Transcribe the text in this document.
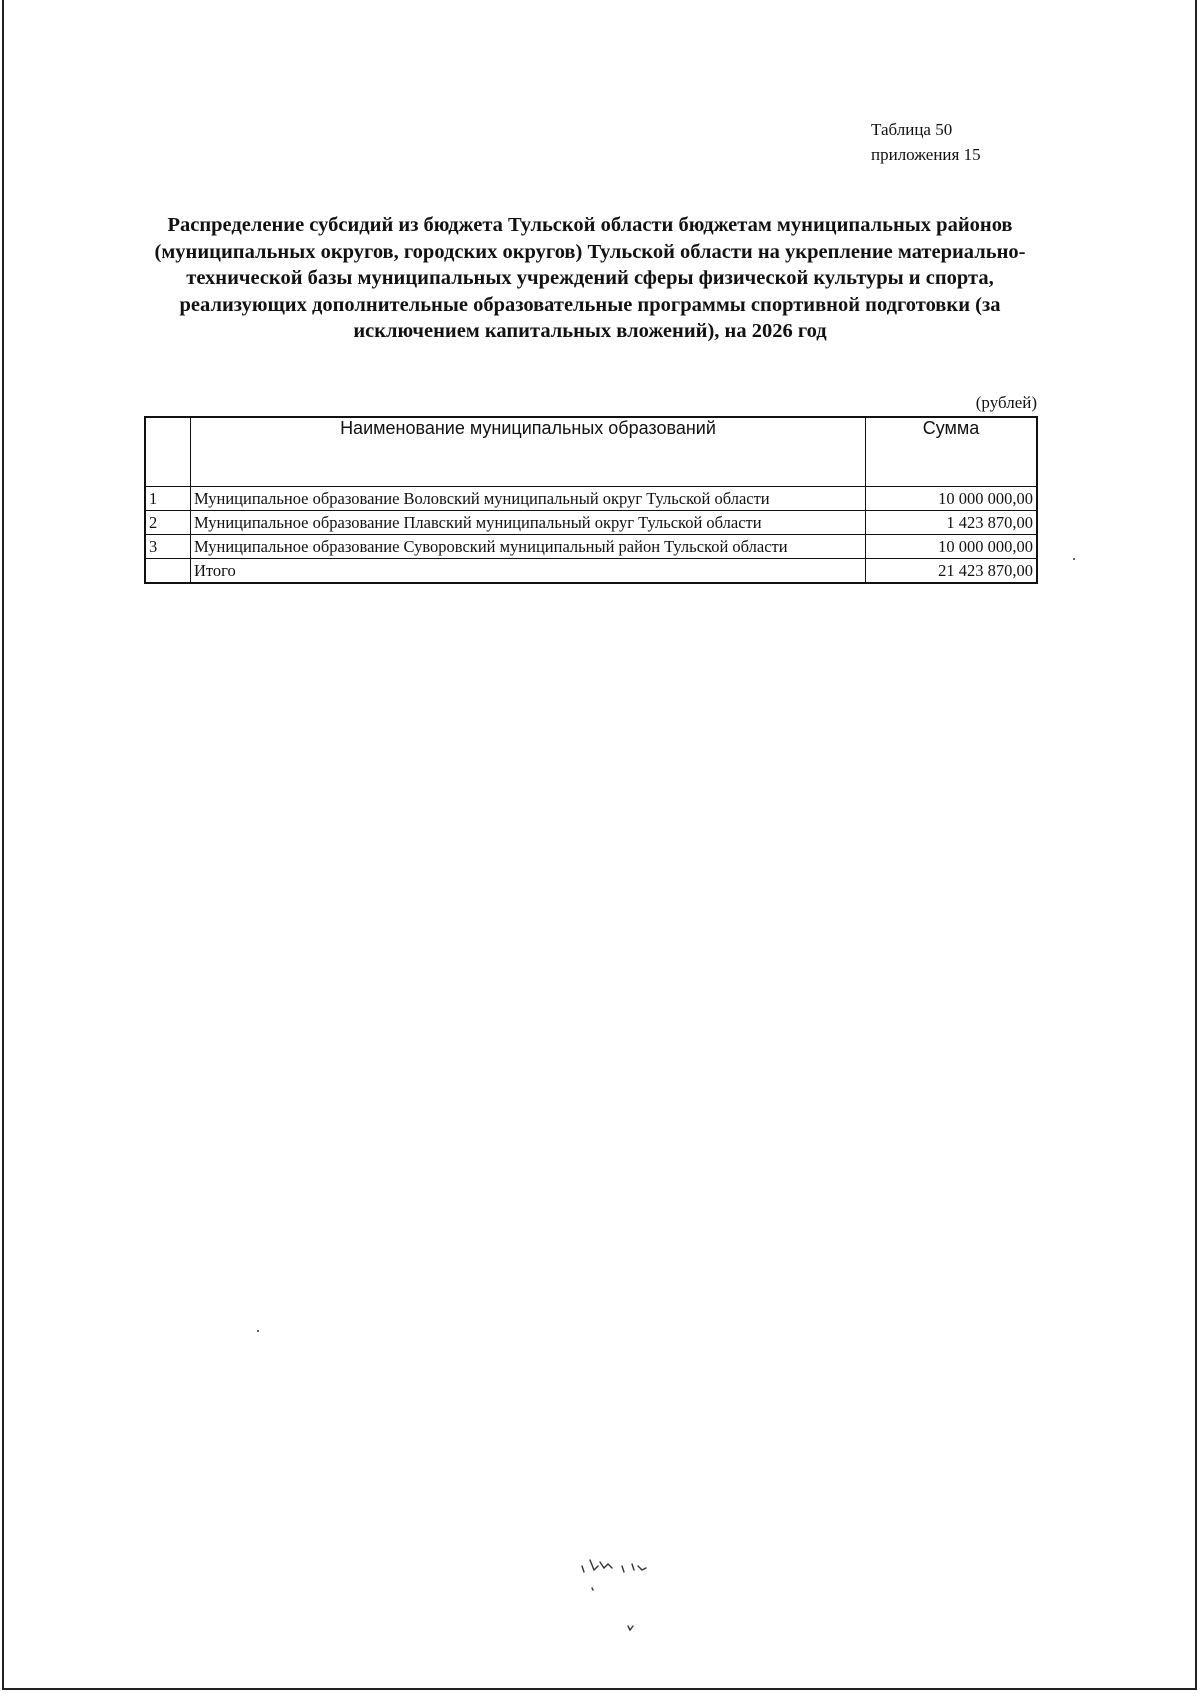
Таблица 50
приложения 15
Распределение субсидий из бюджета Тульской области бюджетам муниципальных районов (муниципальных округов, городских округов) Тульской области на укрепление материально-технической базы муниципальных учреждений сферы физической культуры и спорта, реализующих дополнительные образовательные программы спортивной подготовки (за исключением капитальных вложений), на 2026 год
(рублей)
	Наименование муниципальных образований	Сумма
1	Муниципальное образование Воловский муниципальный округ Тульской области	10 000 000,00
2	Муниципальное образование Плавский муниципальный округ Тульской области	1 423 870,00
3	Муниципальное образование Суворовский муниципальный район Тульской области	10 000 000,00
	Итого	21 423 870,00
